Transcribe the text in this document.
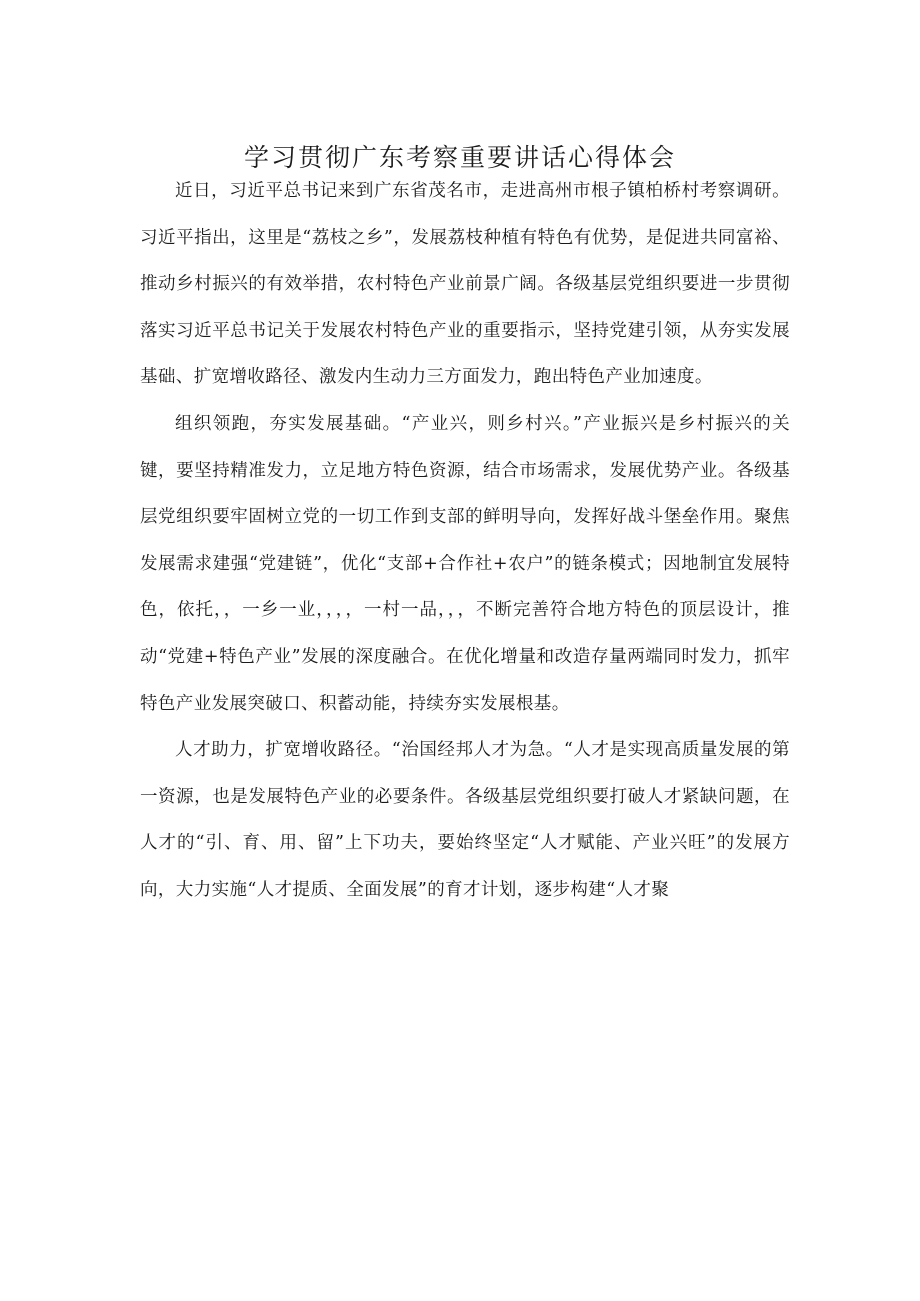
学习贯彻广东考察重要讲话心得体会

近日，习近平总书记来到广东省茂名市，走进高州市根子镇柏桥村考察调研。习近平指出，这里是“荔枝之乡”，发展荔枝种植有特色有优势，是促进共同富裕、推动乡村振兴的有效举措，农村特色产业前景广阔。各级基层党组织要进一步贯彻落实习近平总书记关于发展农村特色产业的重要指示，坚持党建引领，从夯实发展基础、扩宽增收路径、激发内生动力三方面发力，跑出特色产业加速度。

组织领跑，夯实发展基础。“产业兴，则乡村兴。”产业振兴是乡村振兴的关键，要坚持精准发力，立足地方特色资源，结合市场需求，发展优势产业。各级基层党组织要牢固树立党的一切工作到支部的鲜明导向，发挥好战斗堡垒作用。聚焦发展需求建强“党建链”，优化“支部+合作社+农户”的链条模式；因地制宜发展特色，依托，，一乡一业，，，，一村一品，，，不断完善符合地方特色的顶层设计，推动“党建+特色产业”发展的深度融合。在优化增量和改造存量两端同时发力，抓牢特色产业发展突破口、积蓄动能，持续夯实发展根基。

人才助力，扩宽增收路径。“治国经邦人才为急。“人才是实现高质量发展的第一资源，也是发展特色产业的必要条件。各级基层党组织要打破人才紧缺问题，在人才的“引、育、用、留”上下功夫，要始终坚定“人才赋能、产业兴旺”的发展方向，大力实施“人才提质、全面发展”的育才计划，逐步构建“人才聚
